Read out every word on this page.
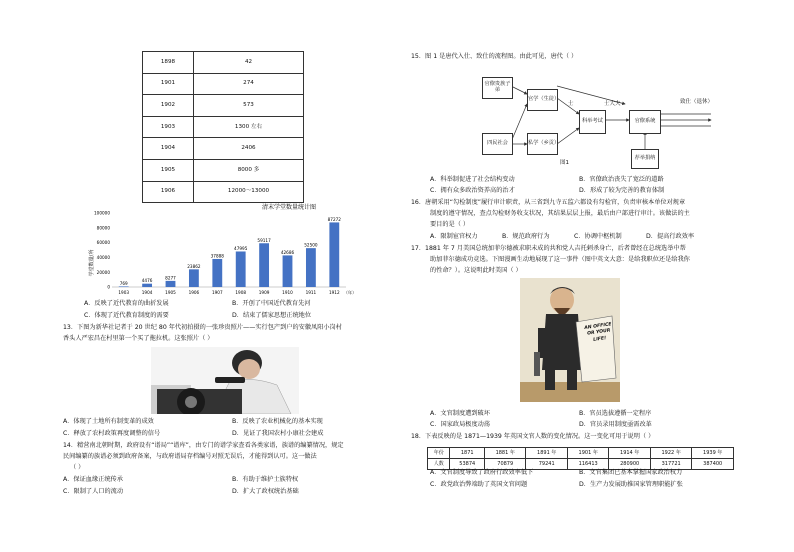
1898	42
1901	274
1902	573
1903	1300 左右
1904	2406
1905	8000 多
1906	12000～13000
清末学堂数量统计图
学堂数量/所
0
20000
40000
60000
80000
100000
769
1903
4476
1904
8277
1905
23862
1906
37888
1907
47995
1908
59117
1909
42686
1910
52500
1911
87272
1912 （年）
A．反映了近代教育的曲折发展	B．开创了中国近代教育先河
C．体现了近代教育制度的需要	D．结束了儒家思想正统地位
13．下图为新华社记者于 20 世纪 80 年代初拍摄的一张珍贵照片——实行包产到户的安徽凤阳小岗村
香头人严宏昌在村里第一个买了拖拉机。这张照片（ ）
A．体现了土地所有制变革的成效	B．反映了农业机械化的基本实现
C．释放了农村政策再度调整的信号	D．见证了我国农村小康社会建成
14．精营南北朝时期，政府设有“谱局”“谱库”，由专门的谱学家查看各类家谱，族谱的编纂情况，规定
民间编纂的族谱必须到政府备案，与政府谱局存档编号对照无误后，才能得到认可。这一做法
（ ）
A．保证血缘正统传承	B．有助于维护士族特权
C．限制了人口的流动	D．扩大了政权统治基础
15．图 1 是唐代入仕、致仕的流程图。由此可见，唐代（ ）
官僚贵族子弟
官学（生徒）
四民社会	私学（乡贡）
科举考试	官僚系统
荐举捐纳
士	士大夫	致仕（退休）
图1
A．科举制促进了社会结构变动	B．官僚政治丧失了宽泛的道路
C．拥有众多政治资养高的治才	D．形成了较为完善的教育体制
16．唐朝采用“勾检制度”履行审计职责，从三省到九寺五监六都设有勾检官，负责审核本单位对规章
制度的遵守情况，查点勾检财务收支状况，其结果层层上报，最后由户部进行审计。该做法的主
要目的是（ ）
A．限制宦官权力	B．规范政府行为	C．协调中枢机制	D．提高行政效率
17．1881 年 7 月美国总统加菲尔德被求职未成的共和党人吉托刺杀身亡，后者曾经在总统选举中帮
助加菲尔德成功竞选。下图漫画生动地展现了这一事件（图中英文大意：是给我职位还是给我你
的性命？）。这说明此时美国（ ）
AN OFFICE OR YOUR LIFE!
A．文官制度遭到破坏	B．官员选拔遵循一定程序
C．国家政局极度动荡	D．官员录用制度亟需改革
18．下表反映的是 1871—1939 年英国文官人数的变化情况。这一变化可用于说明（ ）
年份	1871	1881 年	1891 年	1901 年	1914 年	1922 年	1939 年
人数	53874	70879	79241	116413	280900	317721	387400
A．文官制度导致了政府行政效率低下	B．文官集团已基本掌握国家政治权力
C．政党政治弊端助了英国文官问题	D．生产力发展助推国家管理职能扩张
